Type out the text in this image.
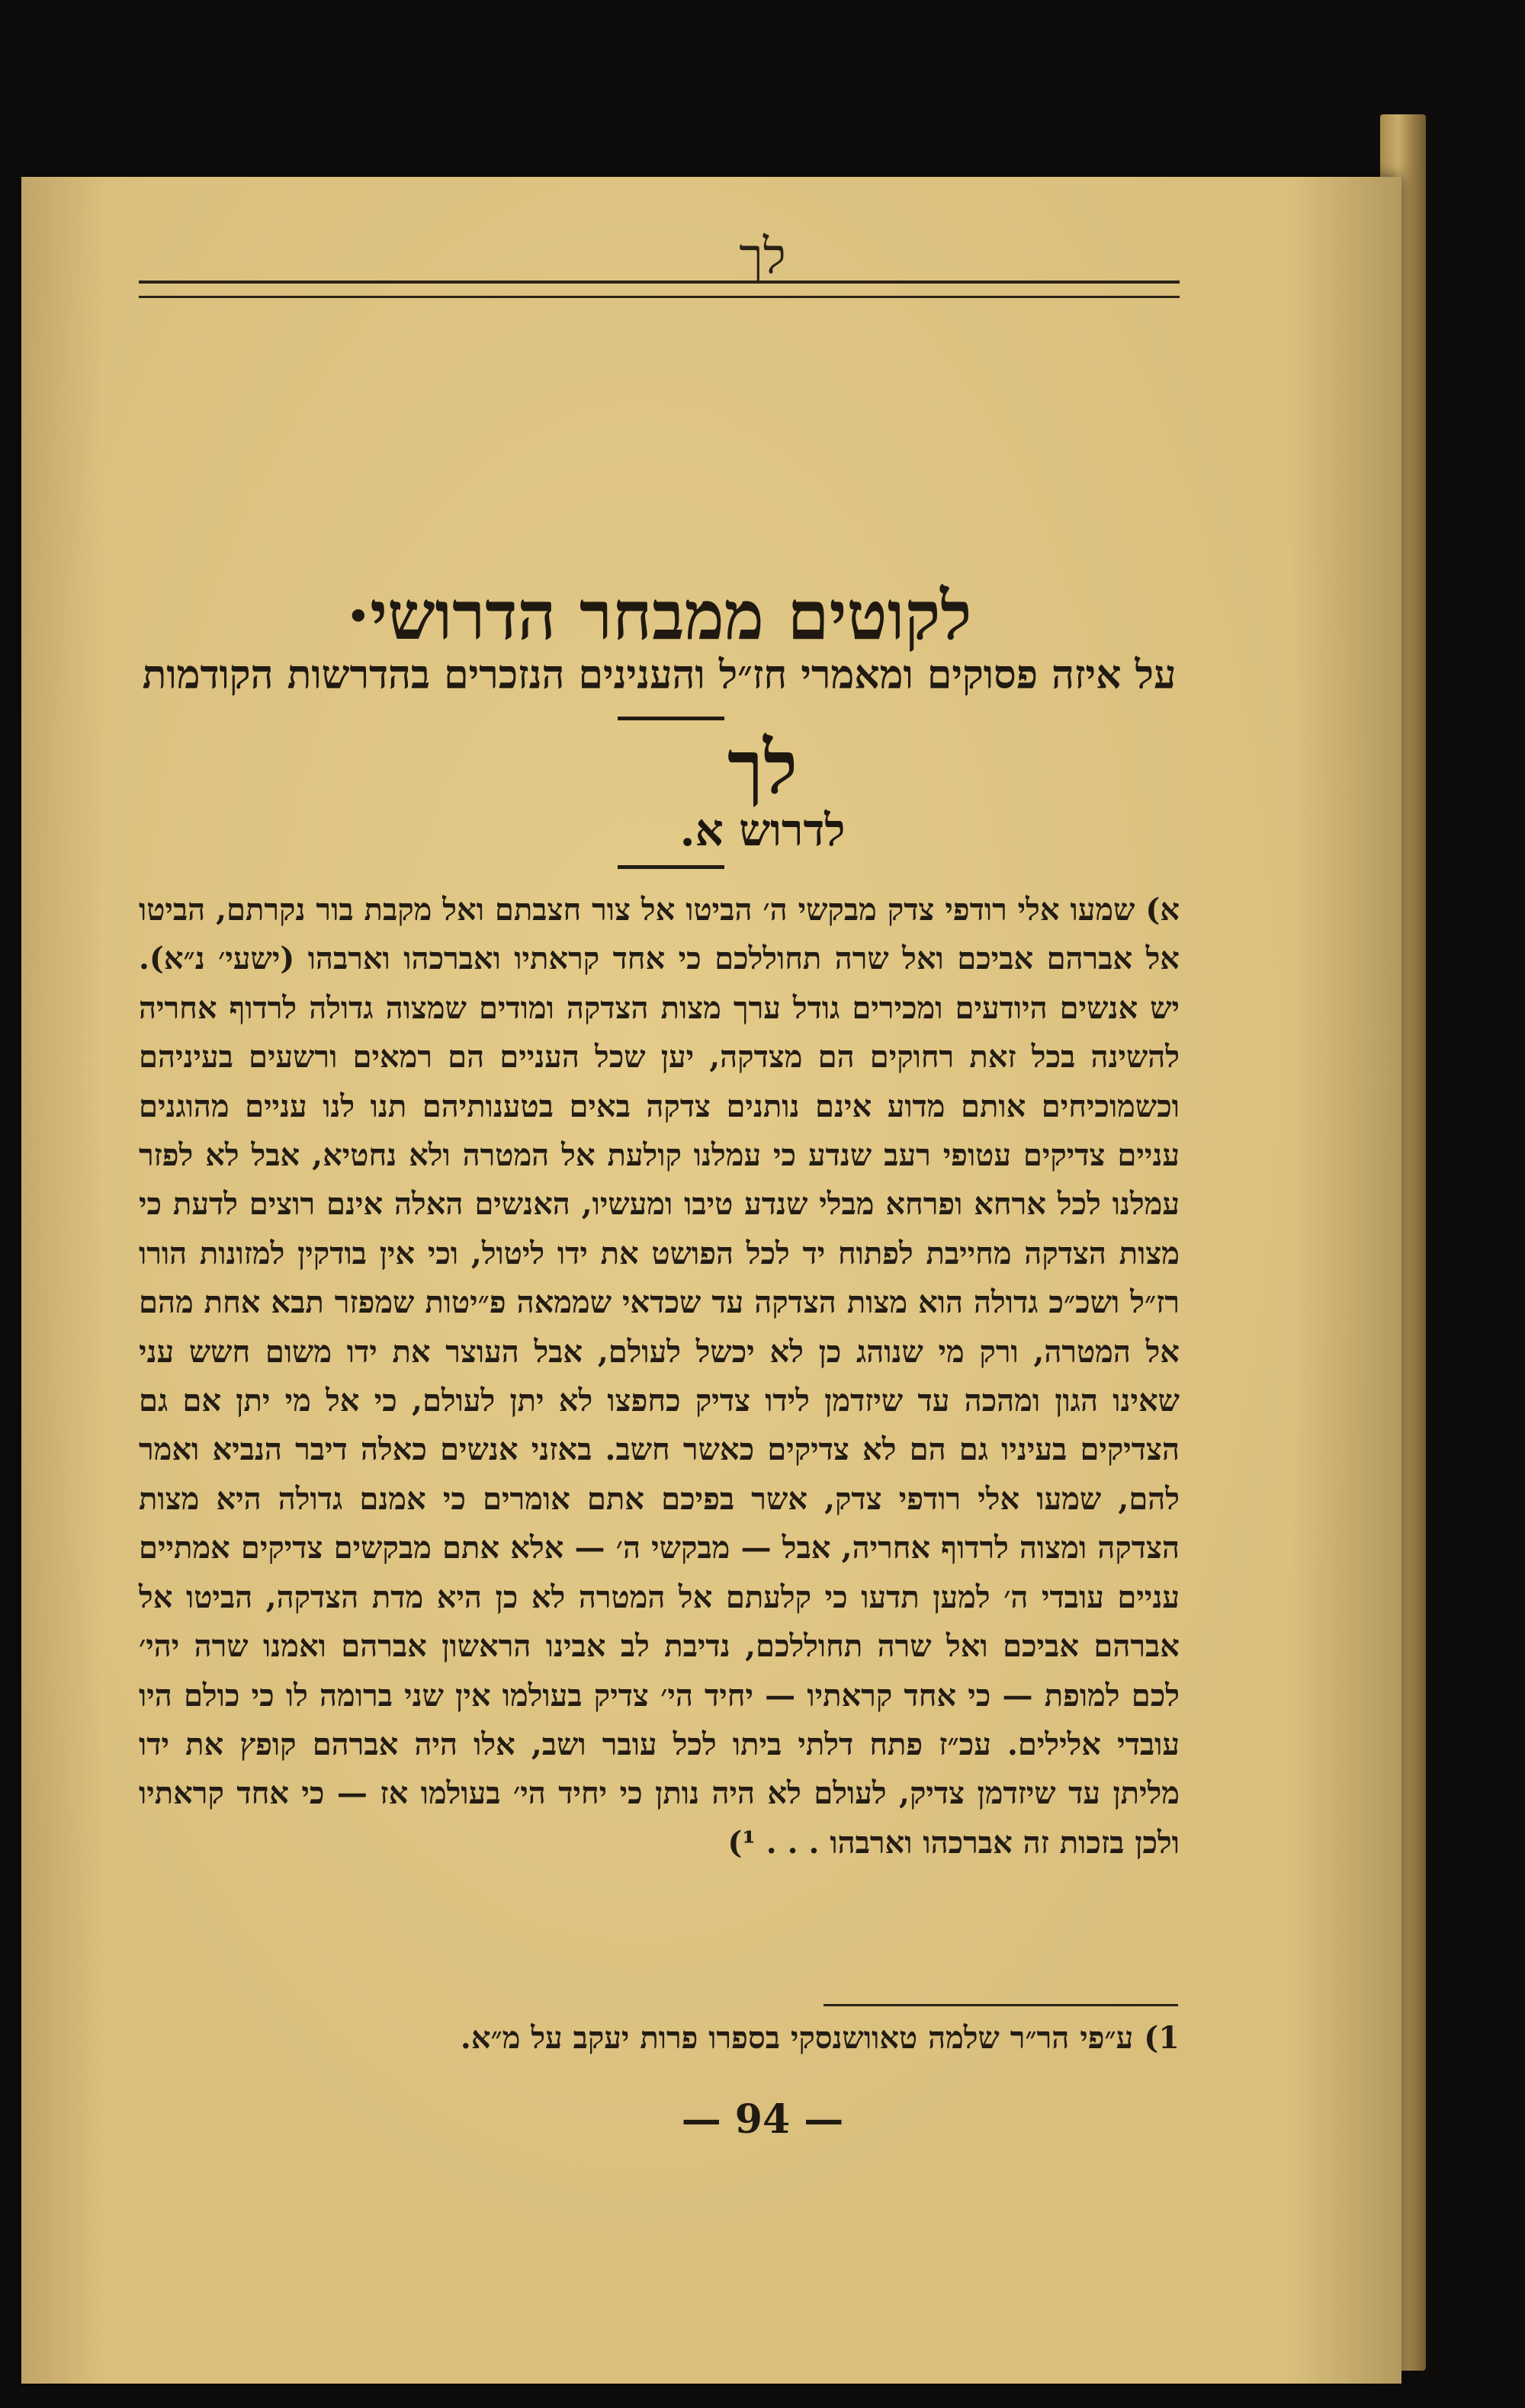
לך
לקוטים ממבחר הדרושי·
על איזה פסוקים ומאמרי חז״ל והענינים הנזכרים בהדרשות הקודמות
לך
לדרוש א.
א) שמעו אלי רודפי צדק מבקשי ה׳ הביטו אל צור חצבתם ואל מקבת בור נקרתם, הביטו אל אברהם אביכם ואל שרה תחוללכם כי אחד קראתיו ואברכהו וארבהו (ישעי׳ נ״א). יש אנשים היודעים ומכירים גודל ערך מצות הצדקה ומודים שמצוה גדולה לרדוף אחריה להשינה בכל זאת רחוקים הם מצדקה, יען שכל העניים הם רמאים ורשעים בעיניהם וכשמוכיחים אותם מדוע אינם נותנים צדקה באים בטענותיהם תנו לנו עניים מהוגנים עניים צדיקים עטופי רעב שנדע כי עמלנו קולעת אל המטרה ולא נחטיא, אבל לא לפזר עמלנו לכל ארחא ופרחא מבלי שנדע טיבו ומעשיו, האנשים האלה אינם רוצים לדעת כי מצות הצדקה מחייבת לפתוח יד לכל הפושט את ידו ליטול, וכי אין בודקין למזונות הורו רז״ל ושכ״כ גדולה הוא מצות הצדקה עד שכדאי שממאה פ״יטות שמפזר תבא אחת מהם אל המטרה, ורק מי שנוהג כן לא יכשל לעולם, אבל העוצר את ידו משום חשש עני שאינו הגון ומהכה עד שיזדמן לידו צדיק כחפצו לא יתן לעולם, כי אל מי יתן אם גם הצדיקים בעיניו גם הם לא צדיקים כאשר חשב. באזני אנשים כאלה דיבר הנביא ואמר להם, שמעו אלי רודפי צדק, אשר בפיכם אתם אומרים כי אמנם גדולה היא מצות הצדקה ומצוה לרדוף אחריה, אבל — מבקשי ה׳ — אלא אתם מבקשים צדיקים אמתיים עניים עובדי ה׳ למען תדעו כי קלעתם אל המטרה לא כן היא מדת הצדקה, הביטו אל אברהם אביכם ואל שרה תחוללכם, נדיבת לב אבינו הראשון אברהם ואמנו שרה יהי׳ לכם למופת — כי אחד קראתיו — יחיד הי׳ צדיק בעולמו אין שני ברומה לו כי כולם היו עובדי אלילים. עכ״ז פתח דלתי ביתו לכל עובר ושב, אלו היה אברהם קופץ את ידו מליתן עד שיזדמן צדיק, לעולם לא היה נותן כי יחיד הי׳ בעולמו אז — כי אחד קראתיו ולכן בזכות זה אברכהו וארבהו . . . ¹)
1) ע״פי הר״ר שלמה טאוושנסקי בספרו פרות יעקב על מ״א.
— 94 —
